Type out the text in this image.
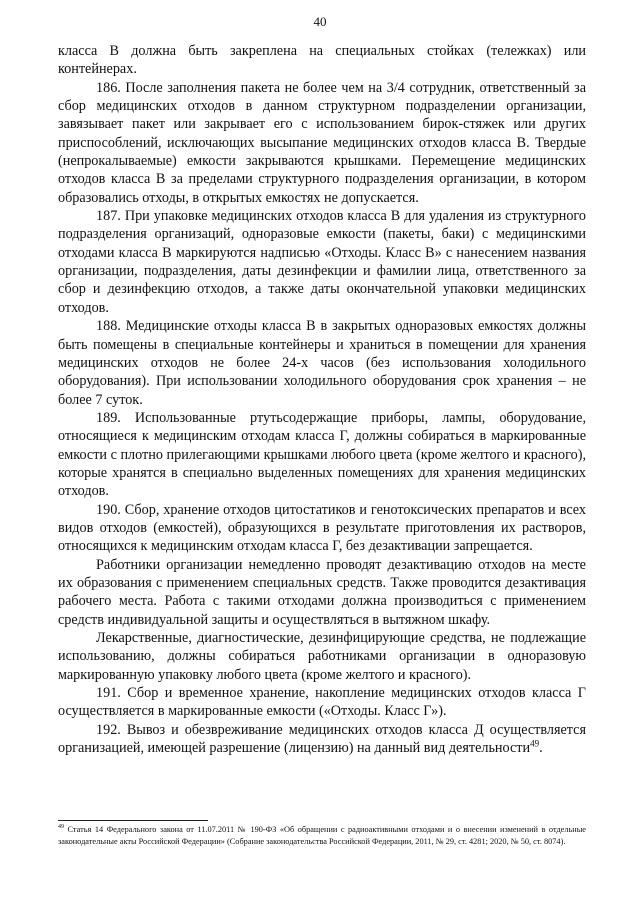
40

класса В должна быть закреплена на специальных стойках (тележках) или контейнерах.

186. После заполнения пакета не более чем на 3/4 сотрудник, ответственный за сбор медицинских отходов в данном структурном подразделении организации, завязывает пакет или закрывает его с использованием бирок-стяжек или других приспособлений, исключающих высыпание медицинских отходов класса В. Твердые (непрокалываемые) емкости закрываются крышками. Перемещение медицинских отходов класса В за пределами структурного подразделения организации, в котором образовались отходы, в открытых емкостях не допускается.

187. При упаковке медицинских отходов класса В для удаления из структурного подразделения организаций, одноразовые емкости (пакеты, баки) с медицинскими отходами класса В маркируются надписью «Отходы. Класс В» с нанесением названия организации, подразделения, даты дезинфекции и фамилии лица, ответственного за сбор и дезинфекцию отходов, а также даты окончательной упаковки медицинских отходов.

188. Медицинские отходы класса В в закрытых одноразовых емкостях должны быть помещены в специальные контейнеры и храниться в помещении для хранения медицинских отходов не более 24-х часов (без использования холодильного оборудования). При использовании холодильного оборудования срок хранения – не более 7 суток.

189. Использованные ртутьсодержащие приборы, лампы, оборудование, относящиеся к медицинским отходам класса Г, должны собираться в маркированные емкости с плотно прилегающими крышками любого цвета (кроме желтого и красного), которые хранятся в специально выделенных помещениях для хранения медицинских отходов.

190. Сбор, хранение отходов цитостатиков и генотоксических препаратов и всех видов отходов (емкостей), образующихся в результате приготовления их растворов, относящихся к медицинским отходам класса Г, без дезактивации запрещается.

Работники организации немедленно проводят дезактивацию отходов на месте их образования с применением специальных средств. Также проводится дезактивация рабочего места. Работа с такими отходами должна производиться с применением средств индивидуальной защиты и осуществляться в вытяжном шкафу.

Лекарственные, диагностические, дезинфицирующие средства, не подлежащие использованию, должны собираться работниками организации в одноразовую маркированную упаковку любого цвета (кроме желтого и красного).

191. Сбор и временное хранение, накопление медицинских отходов класса Г осуществляется в маркированные емкости («Отходы. Класс Г»).

192. Вывоз и обезвреживание медицинских отходов класса Д осуществляется организацией, имеющей разрешение (лицензию) на данный вид деятельности$^{49}$.

$^{49}$ Статья 14 Федерального закона от 11.07.2011 № 190-ФЗ «Об обращении с радиоактивными отходами и о внесении изменений в отдельные законодательные акты Российской Федерации» (Собрание законодательства Российской Федерации, 2011, № 29, ст. 4281; 2020, № 50, ст. 8074).
